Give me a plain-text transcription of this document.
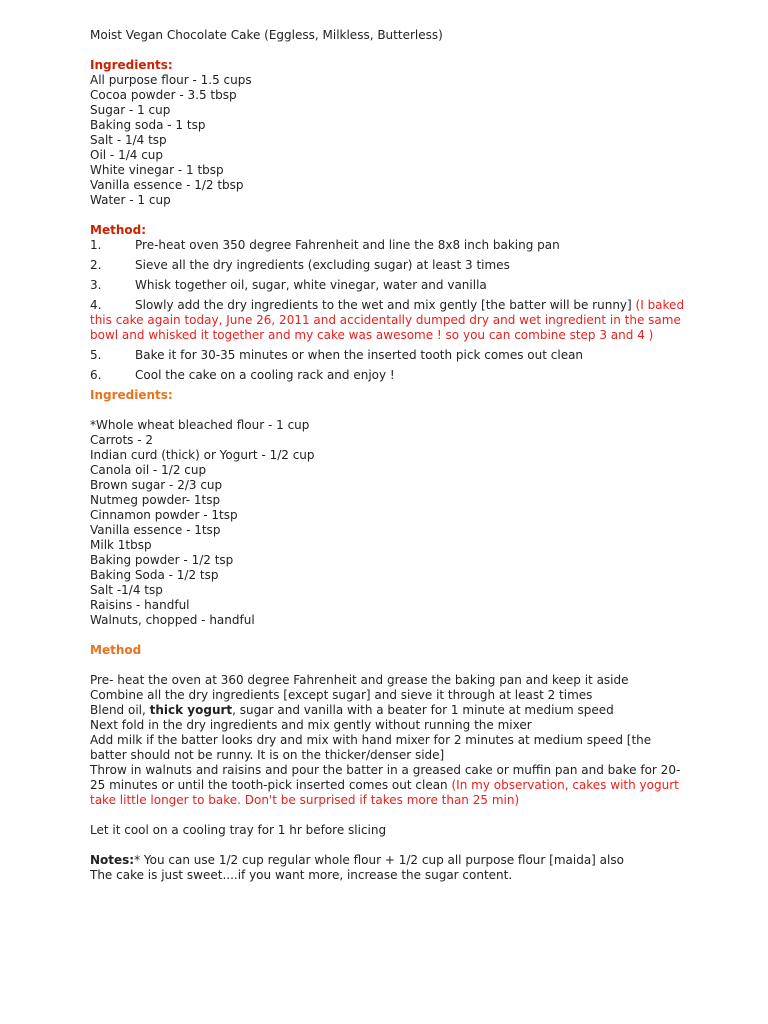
Moist Vegan Chocolate Cake (Eggless, Milkless, Butterless)
Ingredients:
All purpose flour - 1.5 cups
Cocoa powder - 3.5 tbsp
Sugar - 1 cup
Baking soda - 1 tsp
Salt - 1/4 tsp
Oil - 1/4 cup
White vinegar - 1 tbsp
Vanilla essence - 1/2 tbsp
Water - 1 cup
Method:
1.	Pre-heat oven 350 degree Fahrenheit and line the 8x8 inch baking pan
2.	Sieve all the dry ingredients (excluding sugar) at least 3 times
3.	Whisk together oil, sugar, white vinegar, water and vanilla
4.	Slowly add the dry ingredients to the wet and mix gently [the batter will be runny] (I baked this cake again today, June 26, 2011 and accidentally dumped dry and wet ingredient in the same bowl and whisked it together and my cake was awesome ! so you can combine step 3 and 4 )
5.	Bake it for 30-35 minutes or when the inserted tooth pick comes out clean
6.	Cool the cake on a cooling rack and enjoy !
Ingredients:
*Whole wheat bleached flour - 1 cup
Carrots - 2
Indian curd (thick) or Yogurt - 1/2 cup
Canola oil - 1/2 cup
Brown sugar - 2/3 cup
Nutmeg powder- 1tsp
Cinnamon powder - 1tsp
Vanilla essence - 1tsp
Milk 1tbsp
Baking powder - 1/2 tsp
Baking Soda - 1/2 tsp
Salt -1/4 tsp
Raisins - handful
Walnuts, chopped - handful
Method
Pre- heat the oven at 360 degree Fahrenheit and grease the baking pan and keep it aside
Combine all the dry ingredients [except sugar] and sieve it through at least 2 times
Blend oil, thick yogurt, sugar and vanilla with a beater for 1 minute at medium speed
Next fold in the dry ingredients and mix gently without running the mixer
Add milk if the batter looks dry and mix with hand mixer for 2 minutes at medium speed [the batter should not be runny. It is on the thicker/denser side]
Throw in walnuts and raisins and pour the batter in a greased cake or muffin pan and bake for 20-25 minutes or until the tooth-pick inserted comes out clean (In my observation, cakes with yogurt take little longer to bake. Don't be surprised if takes more than 25 min)
Let it cool on a cooling tray for 1 hr before slicing
Notes:* You can use 1/2 cup regular whole flour + 1/2 cup all purpose flour [maida] also
The cake is just sweet....if you want more, increase the sugar content.
